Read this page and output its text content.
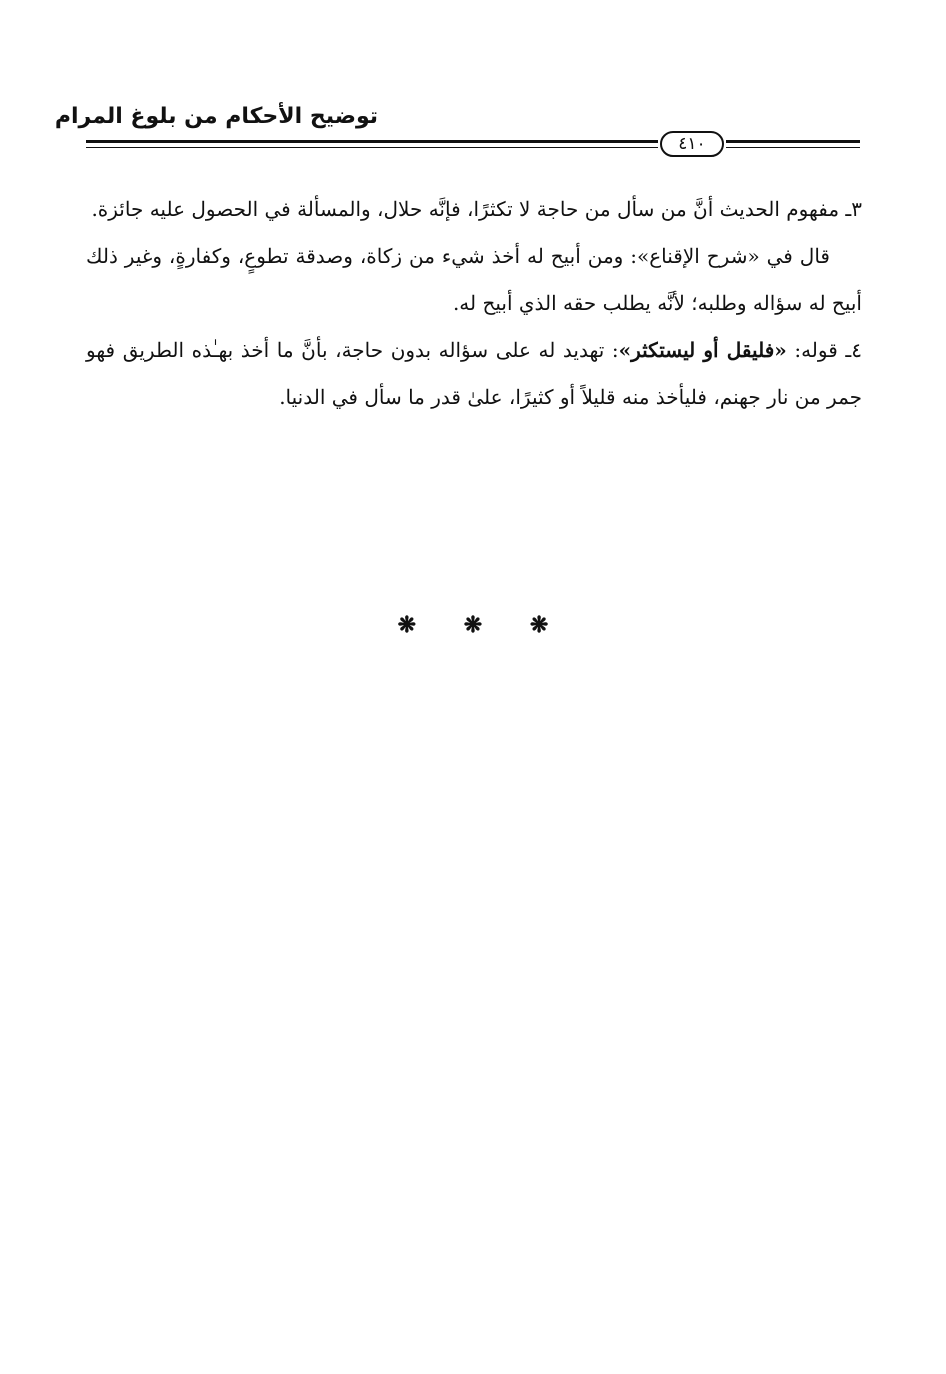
توضيح الأحكام من بلوغ المرام
٤١٠

٣ـ مفهوم الحديث أنَّ من سأل من حاجة لا تكثرًا، فإنَّه حلال، والمسألة في الحصول عليه جائزة.

قال في «شرح الإقناع»: ومن أبيح له أخذ شيء من زكاة، وصدقة تطوعٍ، وكفارةٍ، وغير ذلك أبيح له سؤاله وطلبه؛ لأنَّه يطلب حقه الذي أبيح له.

٤ـ قوله: «فليقل أو ليستكثر»: تهديد له على سؤاله بدون حاجة، بأنَّ ما أخذ بهـٰذه الطريق فهو جمر من نار جهنم، فليأخذ منه قليلاً أو كثيرًا، علىٰ قدر ما سأل في الدنيا.

❋ ❋ ❋
